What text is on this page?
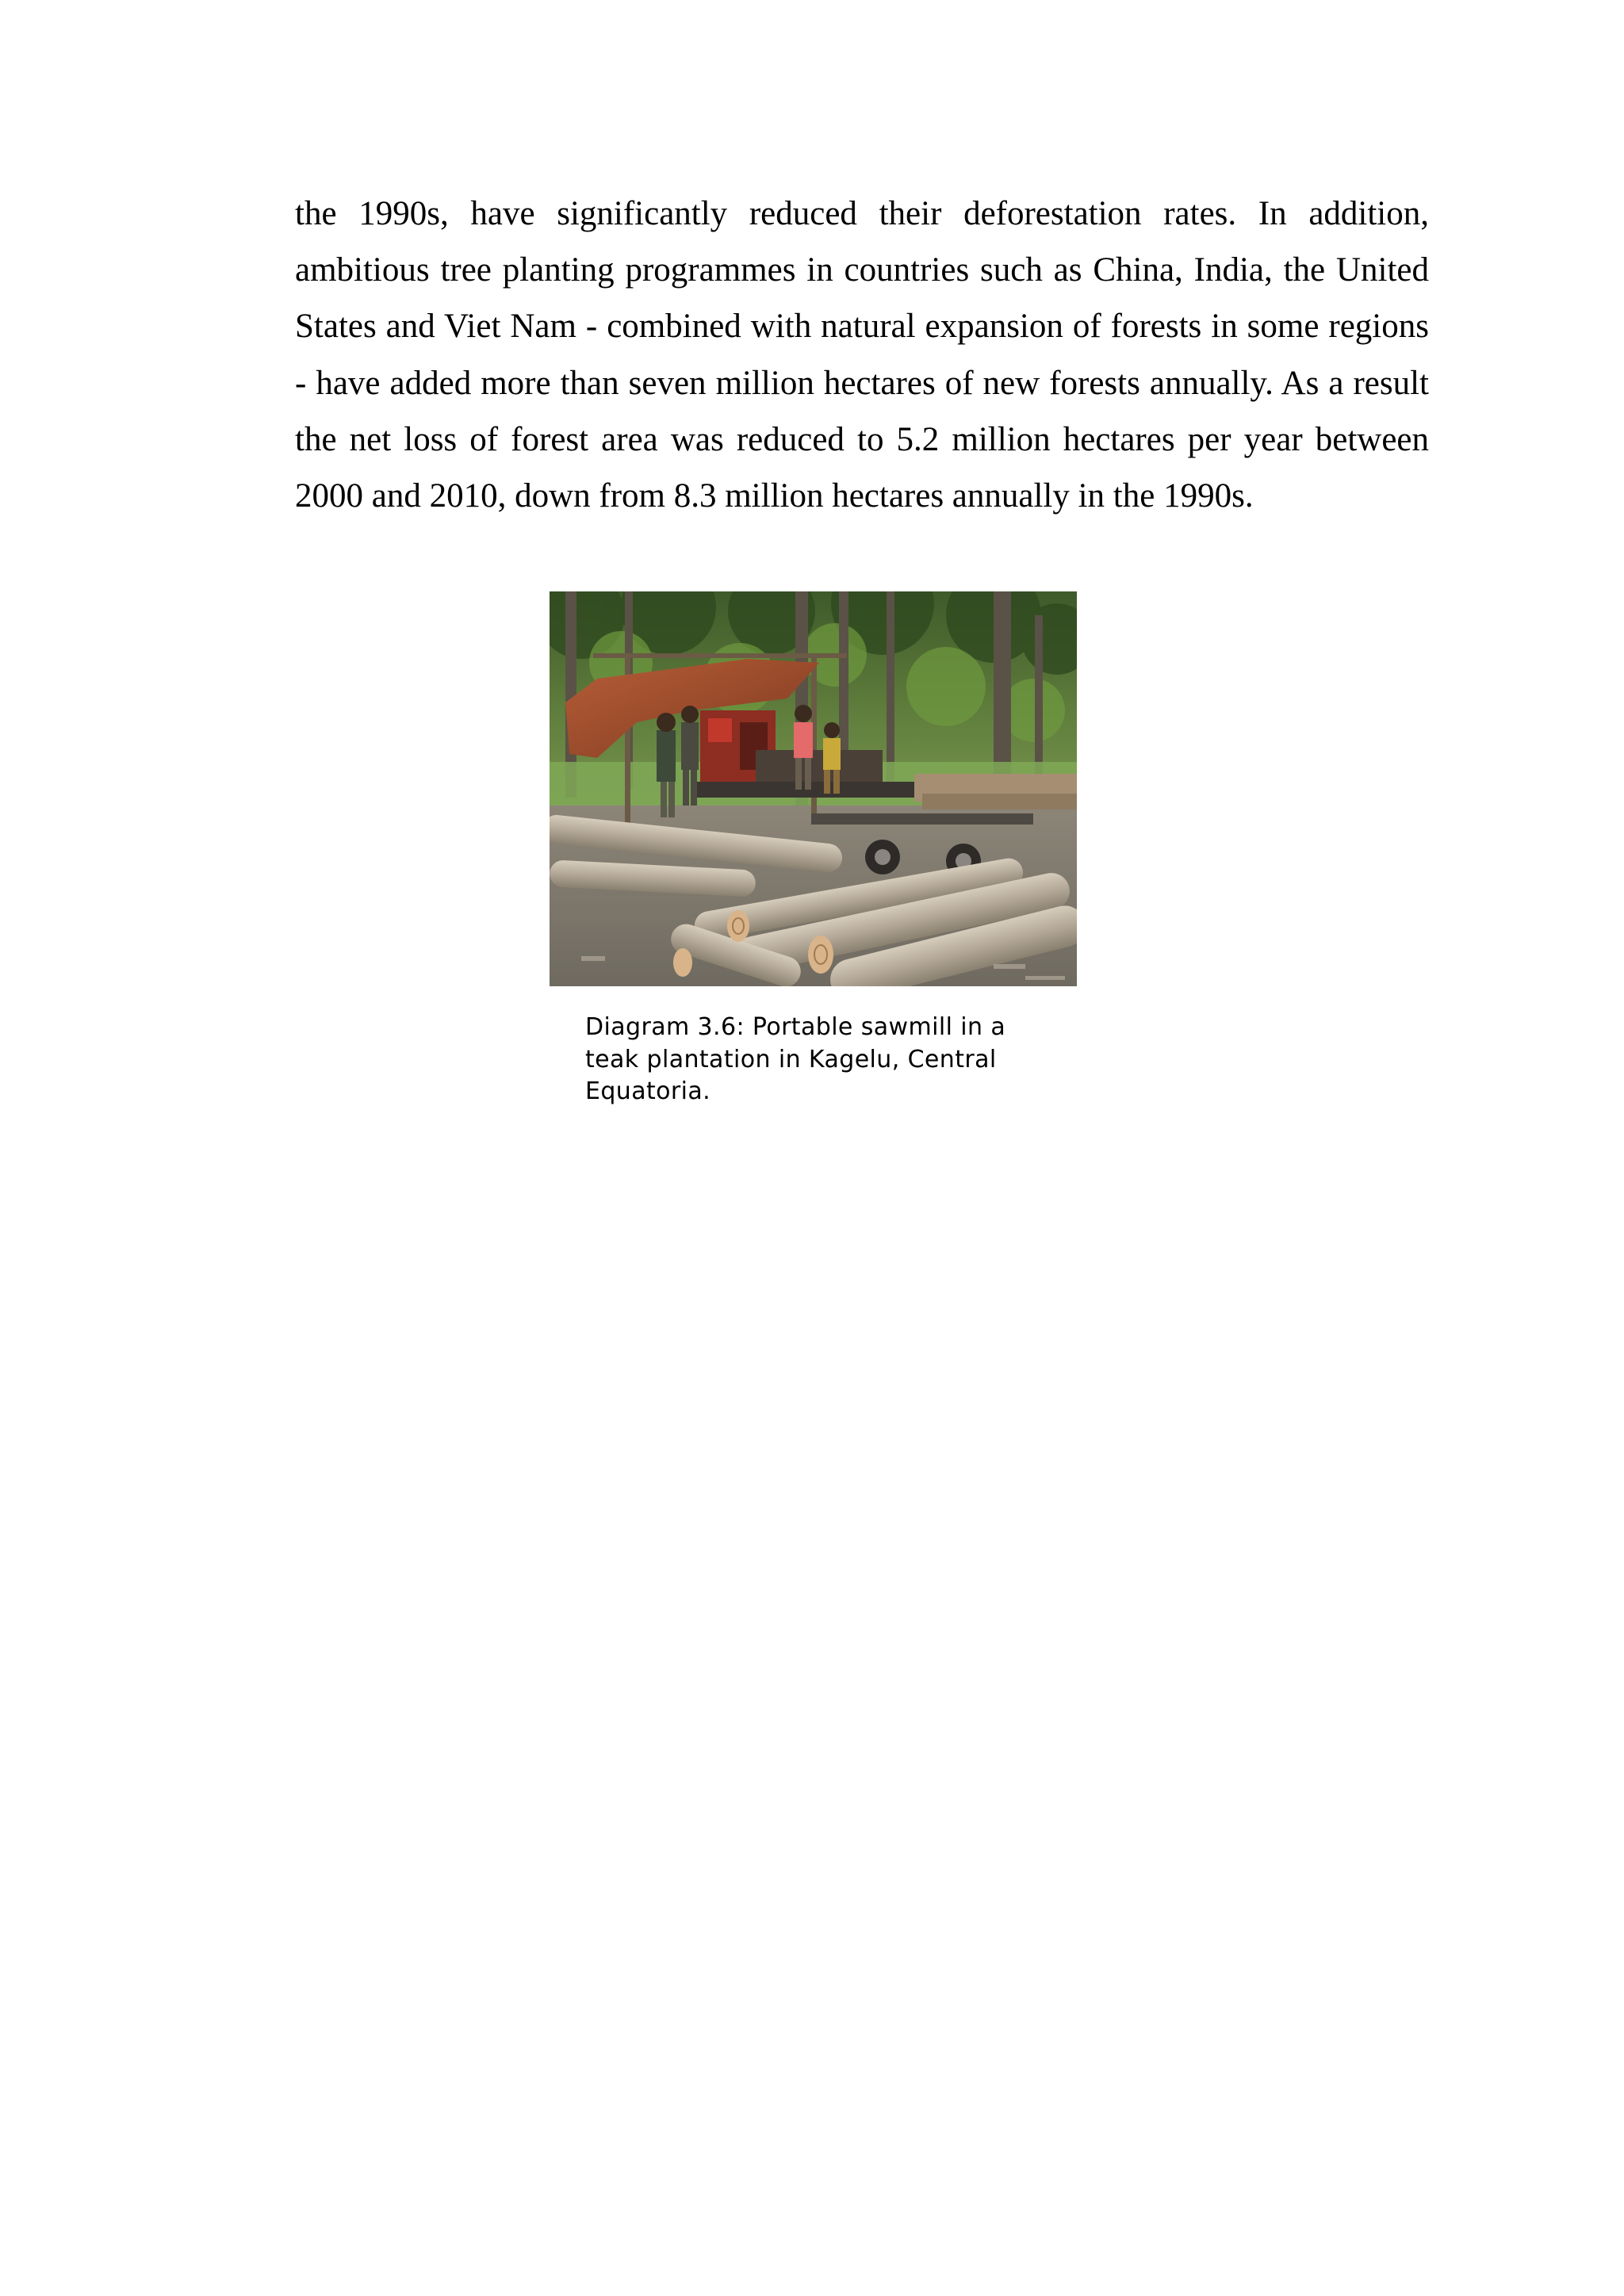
the 1990s, have significantly reduced their deforestation rates. In addition, ambitious tree planting programmes in countries such as China, India, the United States and Viet Nam - combined with natural expansion of forests in some regions - have added more than seven million hectares of new forests annually. As a result the net loss of forest area was reduced to 5.2 million hectares per year between 2000 and 2010, down from 8.3 million hectares annually in the 1990s.

Diagram 3.6: Portable sawmill in a teak plantation in Kagelu, Central Equatoria.
